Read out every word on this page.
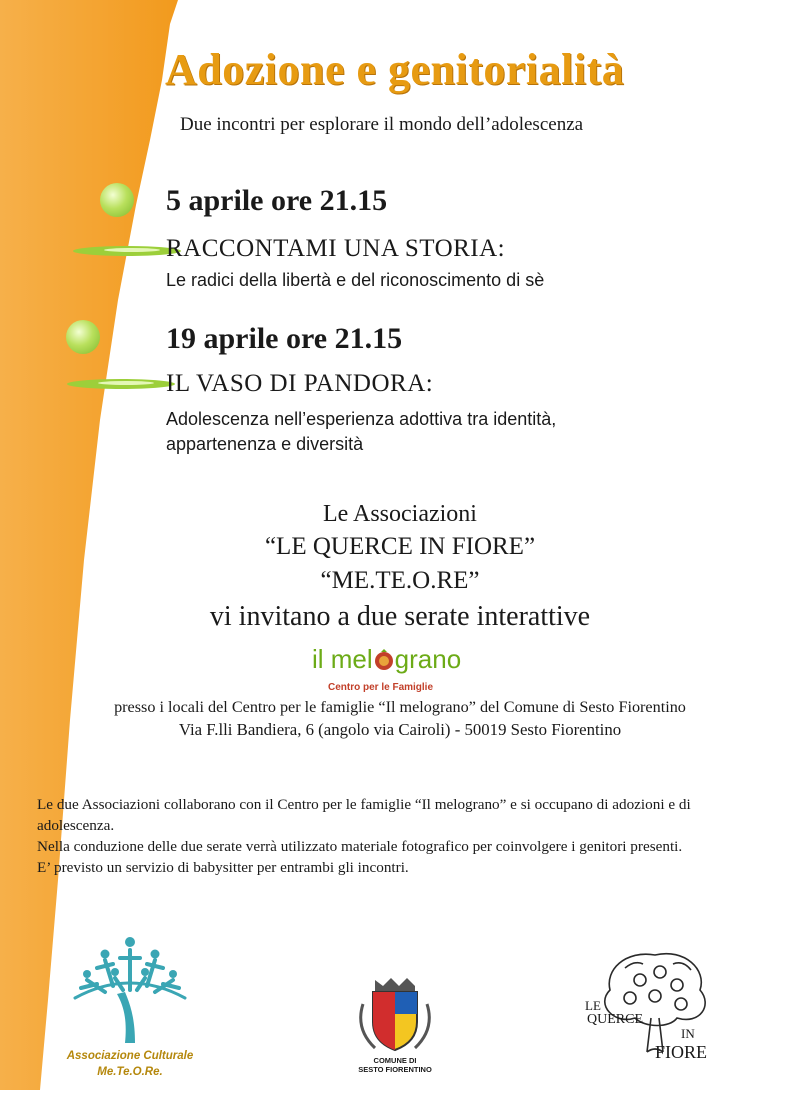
Adozione e genitorialità
Due incontri per esplorare il mondo dell’adolescenza
5 aprile ore 21.15
RACCONTAMI UNA STORIA:
Le radici della libertà e del riconoscimento di sè
19 aprile ore 21.15
IL VASO DI PANDORA:
Adolescenza nell’esperienza adottiva tra identità,
appartenenza e diversità
Le Associazioni
“LE QUERCE IN FIORE”
“ME.TE.O.RE”
vi invitano a due serate interattive
il mel grano
Centro per le Famiglie
presso i locali del Centro per le famiglie “Il melograno” del Comune di Sesto Fiorentino
Via F.lli Bandiera, 6 (angolo via Cairoli) - 50019 Sesto Fiorentino
Le due Associazioni collaborano con il Centro per le famiglie “Il melograno” e si occupano di adozioni e di adolescenza.
Nella conduzione delle due serate verrà utilizzato materiale fotografico per coinvolgere i genitori presenti.
E’ previsto un servizio di babysitter per entrambi gli incontri.
Associazione Culturale
Me.Te.O.Re.
COMUNE DI
SESTO FIORENTINO
LE
QUERCE
IN
FIORE
